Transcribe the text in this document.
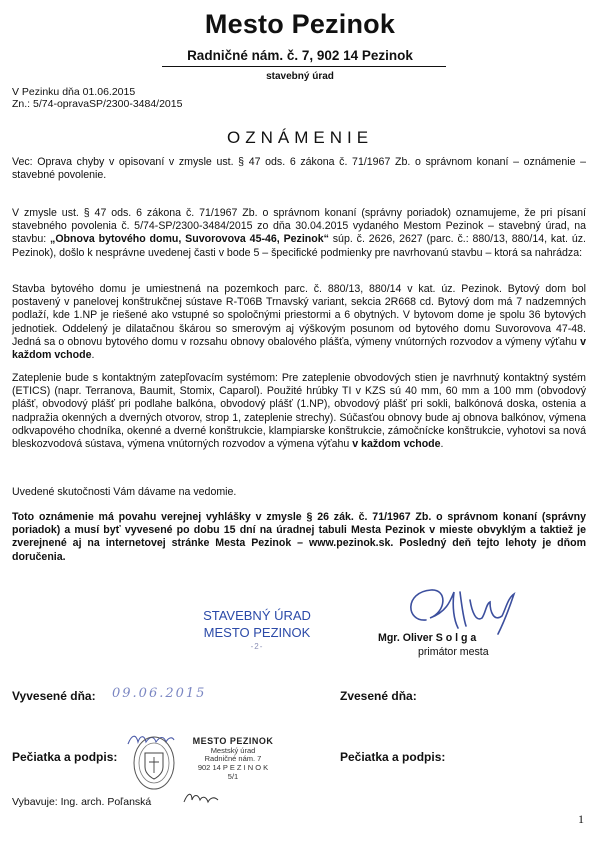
Mesto Pezinok
Radničné nám. č. 7, 902 14 Pezinok
stavebný úrad
V Pezinku dňa 01.06.2015
Zn.: 5/74-opravaSP/2300-3484/2015
OZNÁMENIE
Vec: Oprava chyby v opisovaní v zmysle ust. § 47 ods. 6 zákona č. 71/1967 Zb. o správnom konaní – oznámenie – stavebné povolenie.
V zmysle ust. § 47 ods. 6 zákona č. 71/1967 Zb. o správnom konaní (správny poriadok) oznamujeme, že pri písaní stavebného povolenia č. 5/74-SP/2300-3484/2015 zo dňa 30.04.2015 vydaného Mestom Pezinok – stavebný úrad, na stavbu: „Obnova bytového domu, Suvorovova 45-46, Pezinok“ súp. č. 2626, 2627 (parc. č.: 880/13, 880/14, kat. úz. Pezinok), došlo k nesprávne uvedenej časti v bode 5 – špecifické podmienky pre navrhovanú stavbu – ktorá sa nahrádza:
Stavba bytového domu je umiestnená na pozemkoch parc. č. 880/13, 880/14 v kat. úz. Pezinok. Bytový dom bol postavený v panelovej konštrukčnej sústave R-T06B Trnavský variant, sekcia 2R668 cd. Bytový dom má 7 nadzemných podlaží, kde 1.NP je riešené ako vstupné so spoločnými priestormi a 6 obytných. V bytovom dome je spolu 36 bytových jednotiek. Oddelený je dilatačnou škárou so smerovým aj výškovým posunom od bytového domu Suvorovova 47-48. Jedná sa o obnovu bytového domu v rozsahu obnovy obalového plášťa, výmeny vnútorných rozvodov a výmeny výťahu v každom vchode.
Zateplenie bude s kontaktným zatepľovacím systémom: Pre zateplenie obvodových stien je navrhnutý kontaktný systém (ETICS) (napr. Terranova, Baumit, Stomix, Caparol). Použité hrúbky TI v KZS sú 40 mm, 60 mm a 100 mm (obvodový plášť, obvodový plášť pri podlahe balkóna, obvodový plášť (1.NP), obvodový plášť pri sokli, balkónová doska, ostenia a nadpražia okenných a dverných otvorov, strop 1, zateplenie strechy). Súčasťou obnovy bude aj obnova balkónov, výmena odkvapového chodníka, okenné a dverné konštrukcie, klampiarske konštrukcie, zámočnícke konštrukcie, vyhotovi sa nová bleskozvodová sústava, výmena vnútorných rozvodov a výmena výťahu v každom vchode.
Uvedené skutočnosti Vám dávame na vedomie.
Toto oznámenie má povahu verejnej vyhlášky v zmysle § 26 zák. č. 71/1967 Zb. o správnom konaní (správny poriadok) a musí byť vyvesené po dobu 15 dní na úradnej tabuli Mesta Pezinok v mieste obvyklým a taktiež je zverejnené aj na internetovej stránke Mesta Pezinok – www.pezinok.sk. Posledný deň tejto lehoty je dňom doručenia.
STAVEBNÝ ÚRAD
MESTO PEZINOK
-2-
Mgr. Oliver S o l g a
primátor mesta
Vyvesené dňa: 09.06.2015	Zvesené dňa:
Pečiatka a podpis:	Pečiatka a podpis:
MESTO PEZINOK
Mestský úrad
Radničné nám. 7
902 14 P E Z I N O K
5/1
Vybavuje: Ing. arch. Poľanská
1
